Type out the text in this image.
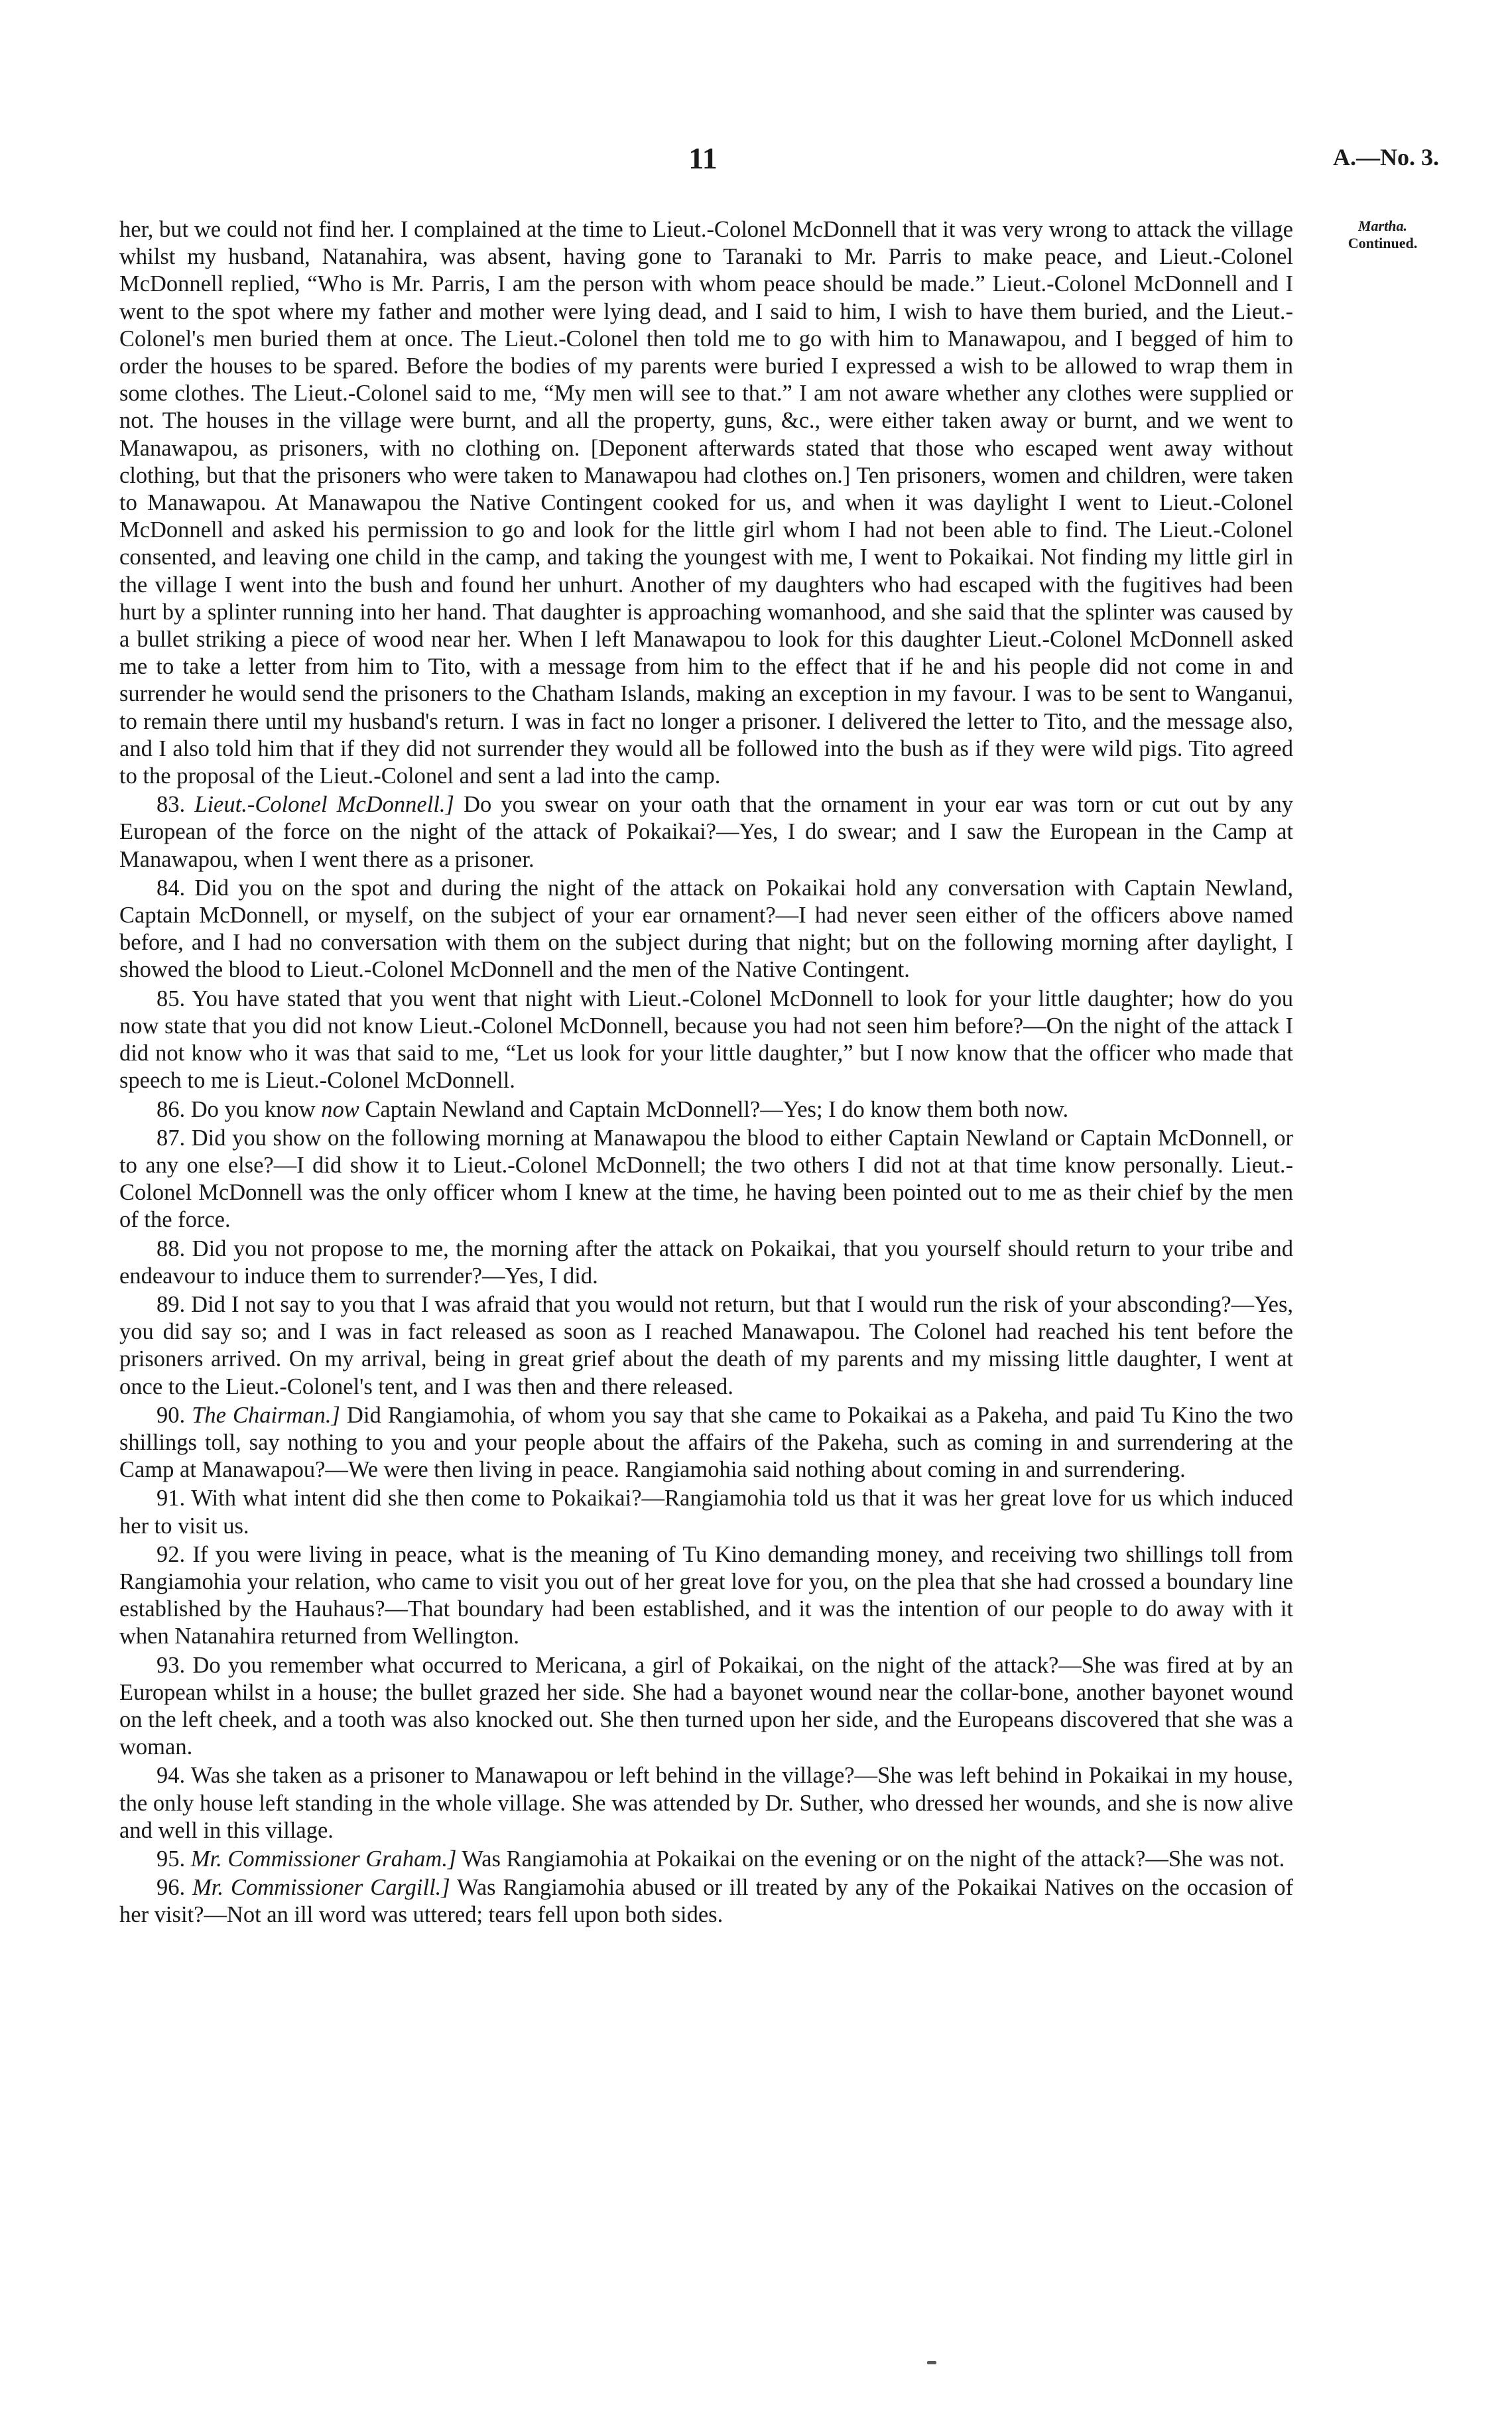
11	A.—No. 3.
Martha.
Continued.

her, but we could not find her. I complained at the time to Lieut.-Colonel McDonnell that it was very wrong to attack the village whilst my husband, Natanahira, was absent, having gone to Taranaki to Mr. Parris to make peace, and Lieut.-Colonel McDonnell replied, “Who is Mr. Parris, I am the person with whom peace should be made.” Lieut.-Colonel McDonnell and I went to the spot where my father and mother were lying dead, and I said to him, I wish to have them buried, and the Lieut.-Colonel's men buried them at once. The Lieut.-Colonel then told me to go with him to Manawapou, and I begged of him to order the houses to be spared. Before the bodies of my parents were buried I expressed a wish to be allowed to wrap them in some clothes. The Lieut.-Colonel said to me, “My men will see to that.” I am not aware whether any clothes were supplied or not. The houses in the village were burnt, and all the property, guns, &c., were either taken away or burnt, and we went to Manawapou, as prisoners, with no clothing on. [Deponent afterwards stated that those who escaped went away without clothing, but that the prisoners who were taken to Manawapou had clothes on.] Ten prisoners, women and children, were taken to Manawapou. At Manawapou the Native Contingent cooked for us, and when it was daylight I went to Lieut.-Colonel McDonnell and asked his permission to go and look for the little girl whom I had not been able to find. The Lieut.-Colonel consented, and leaving one child in the camp, and taking the youngest with me, I went to Pokaikai. Not finding my little girl in the village I went into the bush and found her unhurt. Another of my daughters who had escaped with the fugitives had been hurt by a splinter running into her hand. That daughter is approaching womanhood, and she said that the splinter was caused by a bullet striking a piece of wood near her. When I left Manawapou to look for this daughter Lieut.-Colonel McDonnell asked me to take a letter from him to Tito, with a message from him to the effect that if he and his people did not come in and surrender he would send the prisoners to the Chatham Islands, making an exception in my favour. I was to be sent to Wanganui, to remain there until my husband's return. I was in fact no longer a prisoner. I delivered the letter to Tito, and the message also, and I also told him that if they did not surrender they would all be followed into the bush as if they were wild pigs. Tito agreed to the proposal of the Lieut.-Colonel and sent a lad into the camp.

83. Lieut.-Colonel McDonnell.] Do you swear on your oath that the ornament in your ear was torn or cut out by any European of the force on the night of the attack of Pokaikai?—Yes, I do swear; and I saw the European in the Camp at Manawapou, when I went there as a prisoner.

84. Did you on the spot and during the night of the attack on Pokaikai hold any conversation with Captain Newland, Captain McDonnell, or myself, on the subject of your ear ornament?—I had never seen either of the officers above named before, and I had no conversation with them on the subject during that night; but on the following morning after daylight, I showed the blood to Lieut.-Colonel McDonnell and the men of the Native Contingent.

85. You have stated that you went that night with Lieut.-Colonel McDonnell to look for your little daughter; how do you now state that you did not know Lieut.-Colonel McDonnell, because you had not seen him before?—On the night of the attack I did not know who it was that said to me, “Let us look for your little daughter,” but I now know that the officer who made that speech to me is Lieut.-Colonel McDonnell.

86. Do you know now Captain Newland and Captain McDonnell?—Yes; I do know them both now.

87. Did you show on the following morning at Manawapou the blood to either Captain Newland or Captain McDonnell, or to any one else?—I did show it to Lieut.-Colonel McDonnell; the two others I did not at that time know personally. Lieut.-Colonel McDonnell was the only officer whom I knew at the time, he having been pointed out to me as their chief by the men of the force.

88. Did you not propose to me, the morning after the attack on Pokaikai, that you yourself should return to your tribe and endeavour to induce them to surrender?—Yes, I did.

89. Did I not say to you that I was afraid that you would not return, but that I would run the risk of your absconding?—Yes, you did say so; and I was in fact released as soon as I reached Manawapou. The Colonel had reached his tent before the prisoners arrived. On my arrival, being in great grief about the death of my parents and my missing little daughter, I went at once to the Lieut.-Colonel's tent, and I was then and there released.

90. The Chairman.] Did Rangiamohia, of whom you say that she came to Pokaikai as a Pakeha, and paid Tu Kino the two shillings toll, say nothing to you and your people about the affairs of the Pakeha, such as coming in and surrendering at the Camp at Manawapou?—We were then living in peace. Rangiamohia said nothing about coming in and surrendering.

91. With what intent did she then come to Pokaikai?—Rangiamohia told us that it was her great love for us which induced her to visit us.

92. If you were living in peace, what is the meaning of Tu Kino demanding money, and receiving two shillings toll from Rangiamohia your relation, who came to visit you out of her great love for you, on the plea that she had crossed a boundary line established by the Hauhaus?—That boundary had been established, and it was the intention of our people to do away with it when Natanahira returned from Wellington.

93. Do you remember what occurred to Mericana, a girl of Pokaikai, on the night of the attack?—She was fired at by an European whilst in a house; the bullet grazed her side. She had a bayonet wound near the collar-bone, another bayonet wound on the left cheek, and a tooth was also knocked out. She then turned upon her side, and the Europeans discovered that she was a woman.

94. Was she taken as a prisoner to Manawapou or left behind in the village?—She was left behind in Pokaikai in my house, the only house left standing in the whole village. She was attended by Dr. Suther, who dressed her wounds, and she is now alive and well in this village.

95. Mr. Commissioner Graham.] Was Rangiamohia at Pokaikai on the evening or on the night of the attack?—She was not.

96. Mr. Commissioner Cargill.] Was Rangiamohia abused or ill treated by any of the Pokaikai Natives on the occasion of her visit?—Not an ill word was uttered; tears fell upon both sides.
